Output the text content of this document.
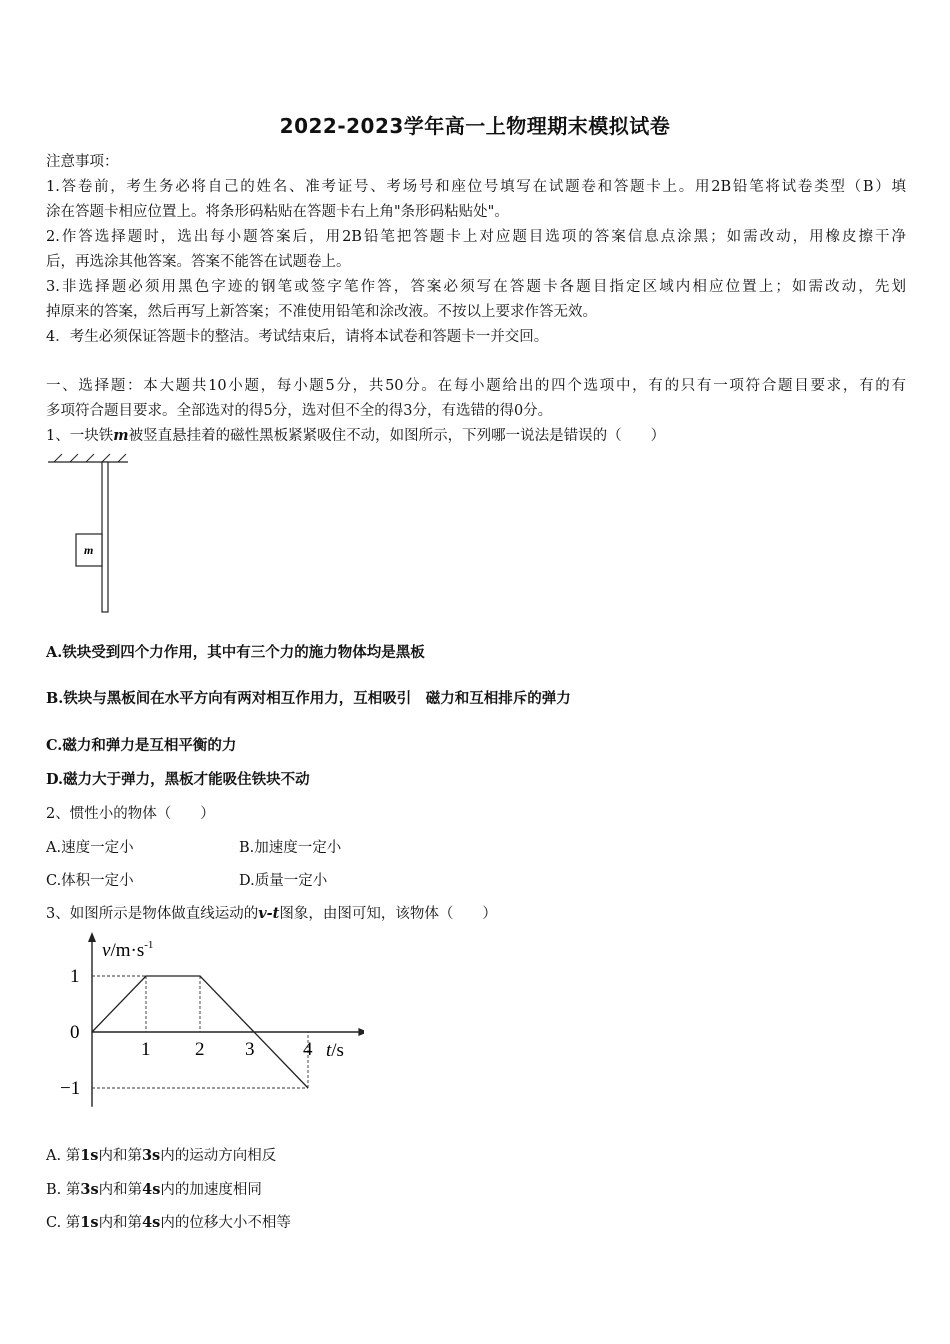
2022-2023学年高一上物理期末模拟试卷
注意事项：
1.答卷前，考生务必将自己的姓名、准考证号、考场号和座位号填写在试题卷和答题卡上。用2B铅笔将试卷类型（B）填
涂在答题卡相应位置上。将条形码粘贴在答题卡右上角"条形码粘贴处"。
2.作答选择题时，选出每小题答案后，用2B铅笔把答题卡上对应题目选项的答案信息点涂黑；如需改动，用橡皮擦干净
后，再选涂其他答案。答案不能答在试题卷上。
3.非选择题必须用黑色字迹的钢笔或签字笔作答，答案必须写在答题卡各题目指定区域内相应位置上；如需改动，先划
掉原来的答案，然后再写上新答案；不准使用铅笔和涂改液。不按以上要求作答无效。
4．考生必须保证答题卡的整洁。考试结束后，请将本试卷和答题卡一并交回。
一、选择题：本大题共10小题，每小题5分，共50分。在每小题给出的四个选项中，有的只有一项符合题目要求，有的有
多项符合题目要求。全部选对的得5分，选对但不全的得3分，有选错的得0分。
1、一块铁m被竖直悬挂着的磁性黑板紧紧吸住不动，如图所示，下列哪一说法是错误的（　　）
m
A.铁块受到四个力作用，其中有三个力的施力物体均是黑板
B.铁块与黑板间在水平方向有两对相互作用力，互相吸引　磁力和互相排斥的弹力
C.磁力和弹力是互相平衡的力
D.磁力大于弹力，黑板才能吸住铁块不动
2、惯性小的物体（　　）
A.速度一定小	B.加速度一定小
C.体积一定小	D.质量一定小
3、如图所示是物体做直线运动的v-t图象，由图可知，该物体（　　）
1 2 3	4
1
0
−1
$v/m\cdot s^{-1}$
t/s
A. 第1s内和第3s内的运动方向相反
B. 第3s内和第4s内的加速度相同
C. 第1s内和第4s内的位移大小不相等
